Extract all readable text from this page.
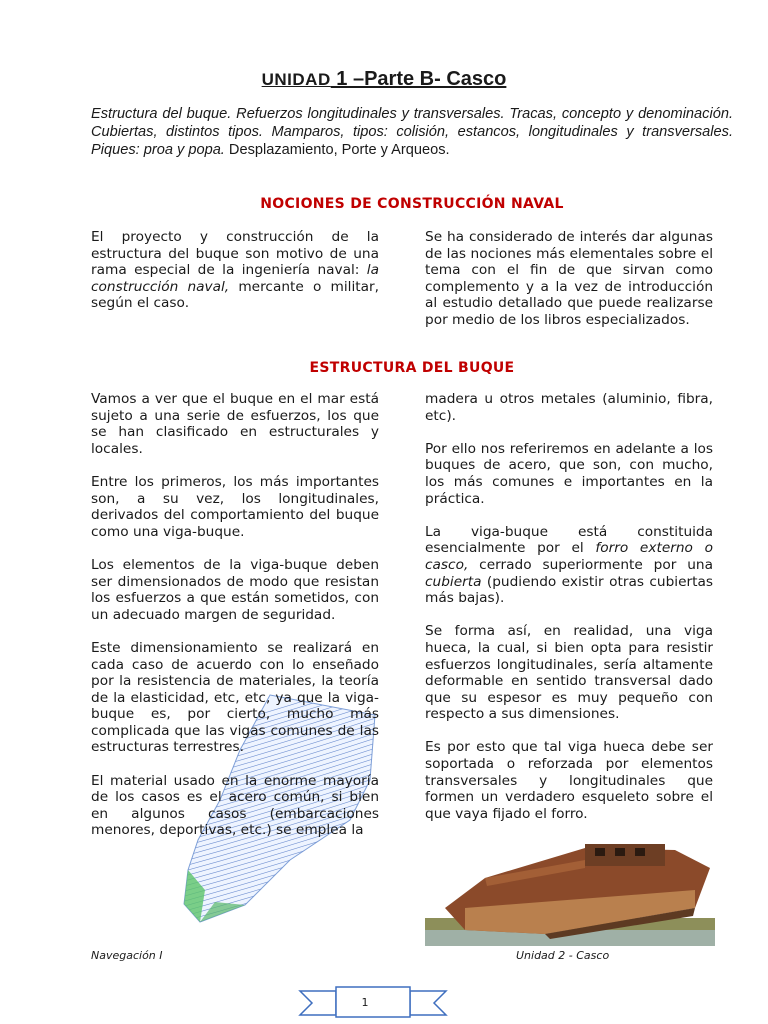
UNIDAD 1 –Parte B- Casco
Estructura del buque. Refuerzos longitudinales y transversales. Tracas, concepto y denominación. Cubiertas, distintos tipos. Mamparos, tipos: colisión, estancos, longitudinales y transversales. Piques: proa y popa. Desplazamiento, Porte y Arqueos.
NOCIONES DE CONSTRUCCIÓN NAVAL

El proyecto y construcción de la estructura del buque son motivo de una rama especial de la ingeniería naval: la construcción naval, mercante o militar, según el caso.

Se ha considerado de interés dar algunas de las nociones más elementales sobre el tema con el fin de que sirvan como complemento y a la vez de introducción al estudio detallado que puede realizarse por medio de los libros especializados.

ESTRUCTURA DEL BUQUE

Vamos a ver que el buque en el mar está sujeto a una serie de esfuerzos, los que se han clasificado en estructurales y locales.

Entre los primeros, los más importantes son, a su vez, los longitudinales, derivados del comportamiento del buque como una viga-buque.

Los elementos de la viga-buque deben ser dimensionados de modo que resistan los esfuerzos a que están sometidos, con un adecuado margen de seguridad.

Este dimensionamiento se realizará en cada caso de acuerdo con lo enseñado por la resistencia de materiales, la teoría de la elasticidad, etc, etc, ya que la viga-buque es, por cierto, mucho más complicada que las vigas comunes de las estructuras terrestres.

El material usado en la enorme mayoría de los casos es el acero común, si bien en algunos casos (embarcaciones menores, deportivas, etc.) se emplea la

madera u otros metales (aluminio, fibra, etc).

Por ello nos referiremos en adelante a los buques de acero, que son, con mucho, los más comunes e importantes en la práctica.

La viga-buque está constituida esencialmente por el forro externo o casco, cerrado superiormente por una cubierta (pudiendo existir otras cubiertas más bajas).

Se forma así, en realidad, una viga hueca, la cual, si bien opta para resistir esfuerzos longitudinales, sería altamente deformable en sentido transversal dado que su espesor es muy pequeño con respecto a sus dimensiones.

Es por esto que tal viga hueca debe ser soportada o reforzada por elementos transversales y longitudinales que formen un verdadero esqueleto sobre el que vaya fijado el forro.

Navegación I	Unidad 2 - Casco
1
